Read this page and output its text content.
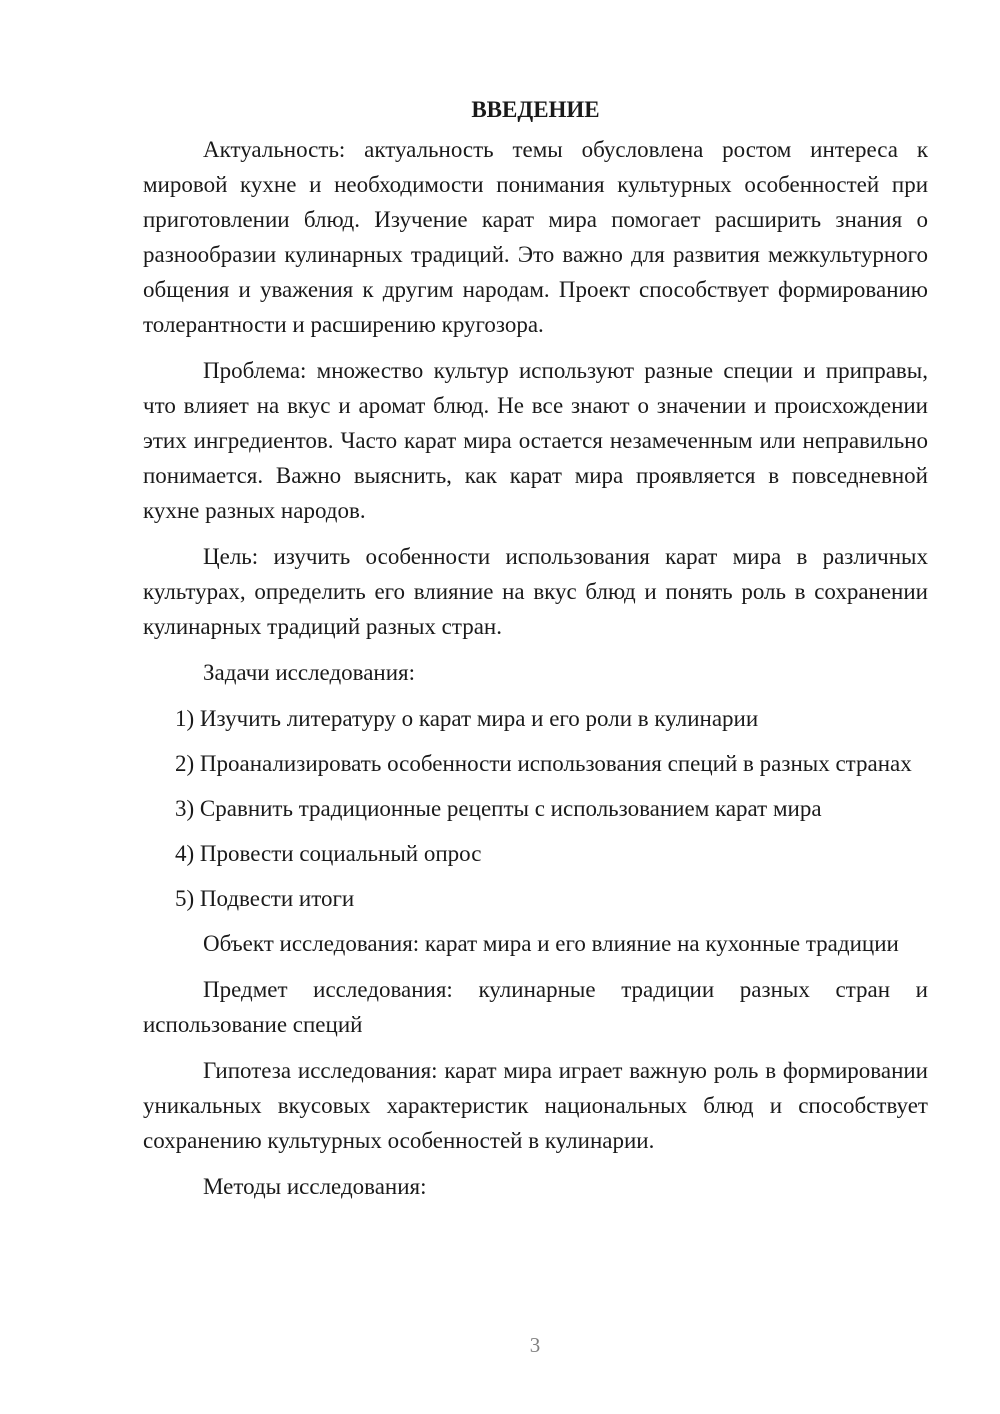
ВВЕДЕНИЕ

Актуальность: актуальность темы обусловлена ростом интереса к мировой кухне и необходимости понимания культурных особенностей при приготовлении блюд. Изучение карат мира помогает расширить знания о разнообразии кулинарных традиций. Это важно для развития межкультурного общения и уважения к другим народам. Проект способствует формированию толерантности и расширению кругозора.

Проблема: множество культур используют разные специи и приправы, что влияет на вкус и аромат блюд. Не все знают о значении и происхождении этих ингредиентов. Часто карат мира остается незамеченным или неправильно понимается. Важно выяснить, как карат мира проявляется в повседневной кухне разных народов.

Цель: изучить особенности использования карат мира в различных культурах, определить его влияние на вкус блюд и понять роль в сохранении кулинарных традиций разных стран.

Задачи исследования:

1) Изучить литературу о карат мира и его роли в кулинарии

2) Проанализировать особенности использования специй в разных странах

3) Сравнить традиционные рецепты с использованием карат мира

4) Провести социальный опрос

5) Подвести итоги

Объект исследования: карат мира и его влияние на кухонные традиции

Предмет исследования: кулинарные традиции разных стран и использование специй

Гипотеза исследования: карат мира играет важную роль в формировании уникальных вкусовых характеристик национальных блюд и способствует сохранению культурных особенностей в кулинарии.

Методы исследования:

3
